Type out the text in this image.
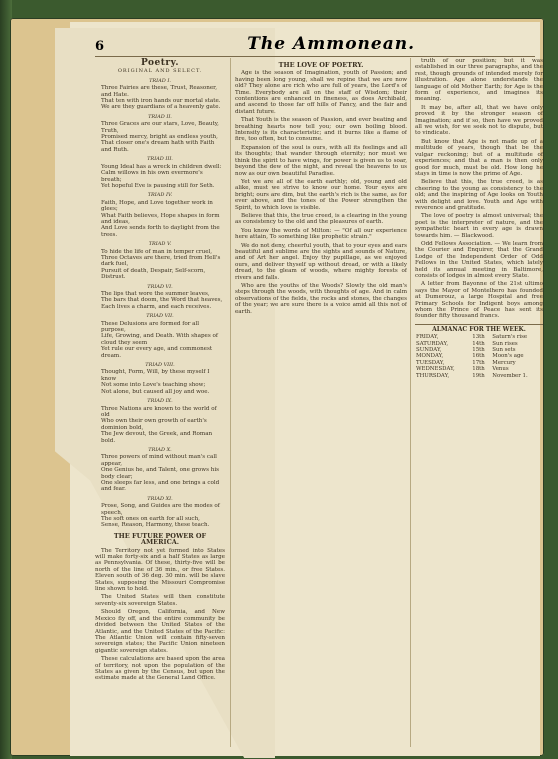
6	The Ammonean.
Poetry.
ORIGINAL AND SELECT.
TRIAD I.

Three Fairies are these, Trust, Reasoner, and Hate.

That ten with iron hands our mortal state.

We are they guardians of a heavenly gate.

TRIAD II.

Three Graces are our stars, Love, Beauty, Truth,

Promised mercy, bright as endless youth,

That closer one's dream hath with Faith and Ruth.

TRIAD III.

Young Ideal has a wreck in children dwell:

Calm willows in his own evermore's breath;

Yet hopeful Eve is pausing still for Seth.

TRIAD IV.

Faith, Hope, and Love together work in glees;

What Faith believes, Hope shapes in form and ideas,

And Love sends forth to daylight from the trees.

TRIAD V.

To hide the life of man in temper cruel,

Three Octaves are there, tried from Hell's dark fuel,

Pursuit of death, Despair, Self-scorn, Distrust.

TRIAD VI.

The lips that wore the summer leaves,

The bars that doom, the Word that heaves,

Each lives a charm, and each receives.

TRIAD VII.

These Delusions are formed for all purpose,

Life, Growing, and Death. With shapes of cloud they seem

Yet rule our every age, and commonest dream.

TRIAD VIII.

Thought, Form, Will, by these myself I know

Not some into Love's teaching show;

Not alone, but caused all joy and woe.

TRIAD IX.

Three Nations are known to the world of old

Who own their own growth of earth's dominion bold,

The Jew devout, the Greek, and Roman bold.

TRIAD X.

Three powers of mind without man's call appear,

One Genius he, and Talent, one grows his body clear;

One sleeps far less, and one brings a cold and fear.

TRIAD XI.

Prose, Song, and Guides are the modes of speech,

The soft ones on earth for all such,

Sense, Reason, Harmony, these teach.

THE FUTURE POWER OF AMERICA.

The Territory not yet formed into States will make forty-six and a half States as large as Pennsylvania. Of these, thirty-five will be north of the line of 36 min., or free States. Eleven south of 36 deg. 30 min. will be slave States, supposing the Missouri Compromise line shown to hold.

The United States will then constitute seventy-six sovereign States.

Should Oregon, California, and New Mexico fly off, and the entire community be divided between the United States of the Atlantic, and the United States of the Pacific: The Atlantic Union will contain fifty-seven sovereign states; the Pacific Union nineteen gigantic sovereign states.

These calculations are based upon the area of territory, not upon the population of the States as given by the Census, but upon the estimate made at the General Land Office.

THE LOVE OF POETRY.

Age is the season of Imagination, youth of Passion; and having been long young, shall we repine that we are now old? They alone are rich who are full of years, the Lord's of Time. Everybody are all on the staff of Wisdom; their contentions are enhanced in fineness, as does Archibald, and ascend to those far off hills of Fancy, and the fair and distant future.

That Youth is the season of Passion, and ever beating and breathing hearts now tell you; our own boiling blood. Intensity is its characteristic; and it burns like a flame of fire, too often, but to consume.

Expansion of the soul is ours, with all its feelings and all its thoughts; that wander through eternity; nor must we think the spirit to have wings, for power is given us to soar, beyond the dew of the night, and reveal the heavens to us now as our own beautiful Paradise.

Yet we are all of the earth earthly; old, young and old alike, must we strive to know our home. Your eyes are bright; ours are dim, but the earth's rich is the same, as for ever above, and the tones of the Power strengthen the Spirit, to which love is visible.

Believe that this, the true creed, is a clearing in the young as consistency to the old and the pleasures of earth.

You know the words of Milton: — "Of all our experience here attain, To something like prophetic strain."

We do not deny, cheerful youth, that to your eyes and ears beautiful and sublime are the sights and sounds of Nature, and of Art her angel. Enjoy thy pupillage, as we enjoyed ours, and deliver thyself up without dread, or with a likely dread, to the gleam of woods, where mighty forests of rivers and falls.

Who are the youths of the Woods? Slowly the old man's steps through the woods, with thoughts of age. And in calm observations of the fields, the rocks and stones, the changes of the year; we are sure there is a voice amid all this not of earth.

truth of our position; but it was established in our three paragraphs, and the rest, though grounds of intended merely for illustration. Age alone understands the language of old Mother Earth; for Age is the form of experience, and imagines its meaning.

It may be, after all, that we have only proved it by the stronger season of Imagination; and if so, then have we proved all we wish, for we seek not to dispute, but to vindicate.

But know that Age is not made up of a multitude of years, though that be the vulgar reckoning; but of a multitude of experiences; and that a man is then only good for much, must be old. How long he stays in time is now the prime of Age.

Believe that this, the true creed, is as cheering to the young as consistency to the old; and the inspiring of Age looks on Youth with delight and love. Youth and Age with reverence and gratitude.

The love of poetry is almost universal; the poet is the interpreter of nature, and the sympathetic heart in every age is drawn towards him. — Blackwood.

Odd Fellows Association. — We learn from the Courier and Enquirer, that the Grand Lodge of the Independent Order of Odd Fellows in the United States, which lately held its annual meeting in Baltimore, consists of lodges in almost every State.

A letter from Bayonne of the 21st ultimo says the Mayor of Montelhero has founded at Dumerouz, a large Hospital and free Primary Schools for Indigent boys among whom the Prince of Peace has sent its founder fifty thousand francs.

ALMANAC FOR THE WEEK.
FRIDAY,	13th	Saturn's rise
SATURDAY,	14th	Sun rises
SUNDAY,	15th	Sun sets
MONDAY,	16th	Moon's age
TUESDAY,	17th	Mercury
WEDNESDAY,	18th	Venus
THURSDAY,	19th	November 1.
